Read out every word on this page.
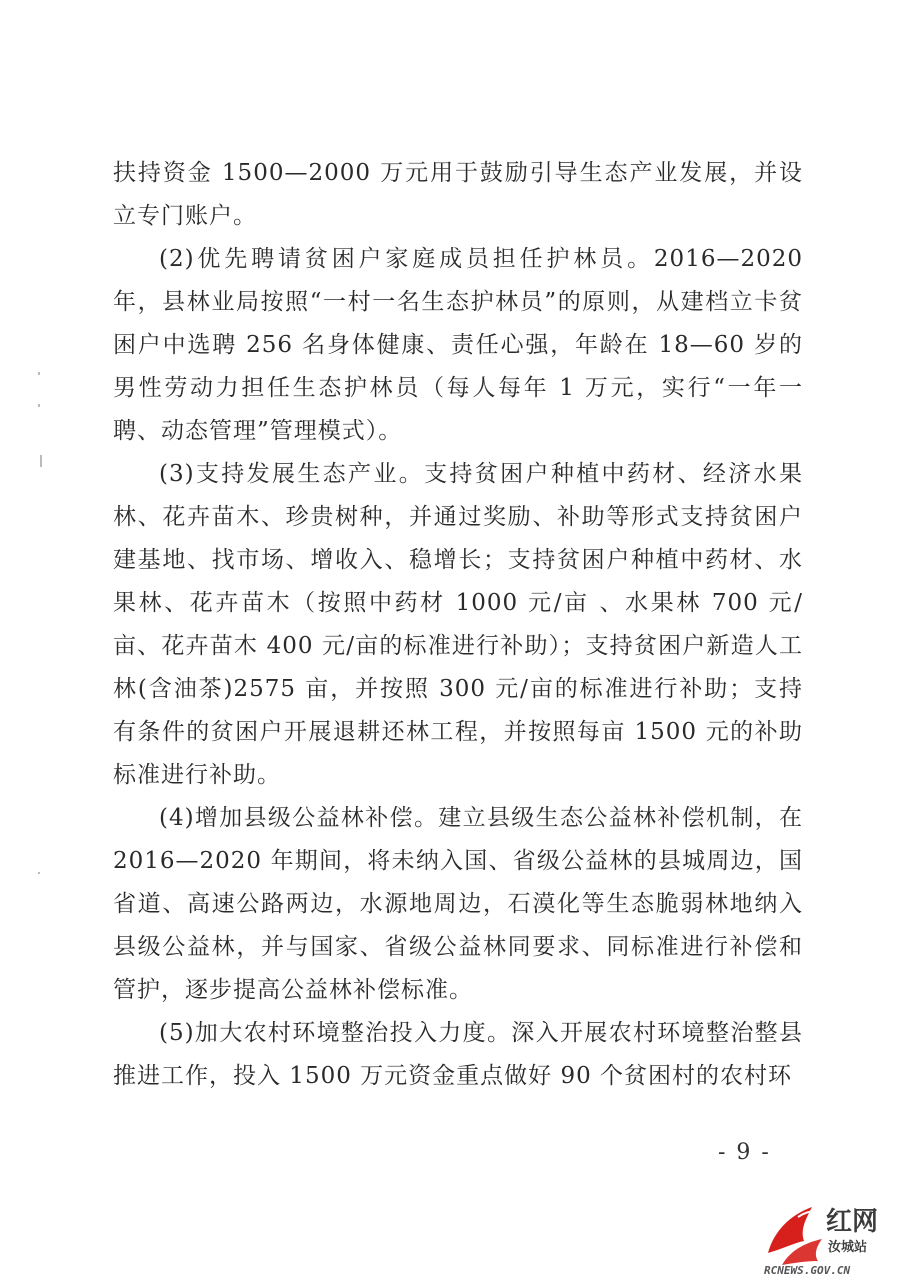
扶持资金 1500—2000 万元用于鼓励引导生态产业发展，并设立专门账户。

(2)优先聘请贫困户家庭成员担任护林员。2016—2020 年，县林业局按照“一村一名生态护林员”的原则，从建档立卡贫困户中选聘 256 名身体健康、责任心强，年龄在 18—60 岁的男性劳动力担任生态护林员（每人每年 1 万元，实行“一年一聘、动态管理”管理模式）。

(3)支持发展生态产业。支持贫困户种植中药材、经济水果林、花卉苗木、珍贵树种，并通过奖励、补助等形式支持贫困户建基地、找市场、增收入、稳增长；支持贫困户种植中药材、水果林、花卉苗木（按照中药材 1000 元/亩 、水果林 700 元/亩、花卉苗木 400 元/亩的标准进行补助）；支持贫困户新造人工林(含油茶)2575 亩，并按照 300 元/亩的标准进行补助；支持有条件的贫困户开展退耕还林工程，并按照每亩 1500 元的补助标准进行补助。

(4)增加县级公益林补偿。建立县级生态公益林补偿机制，在 2016—2020 年期间，将未纳入国、省级公益林的县城周边，国省道、高速公路两边，水源地周边，石漠化等生态脆弱林地纳入县级公益林，并与国家、省级公益林同要求、同标准进行补偿和管护，逐步提高公益林补偿标准。

(5)加大农村环境整治投入力度。深入开展农村环境整治整县推进工作，投入 1500 万元资金重点做好 90 个贫困村的农村环

- 9 -
红网
汝城站
RCNEWS.GOV.CN
